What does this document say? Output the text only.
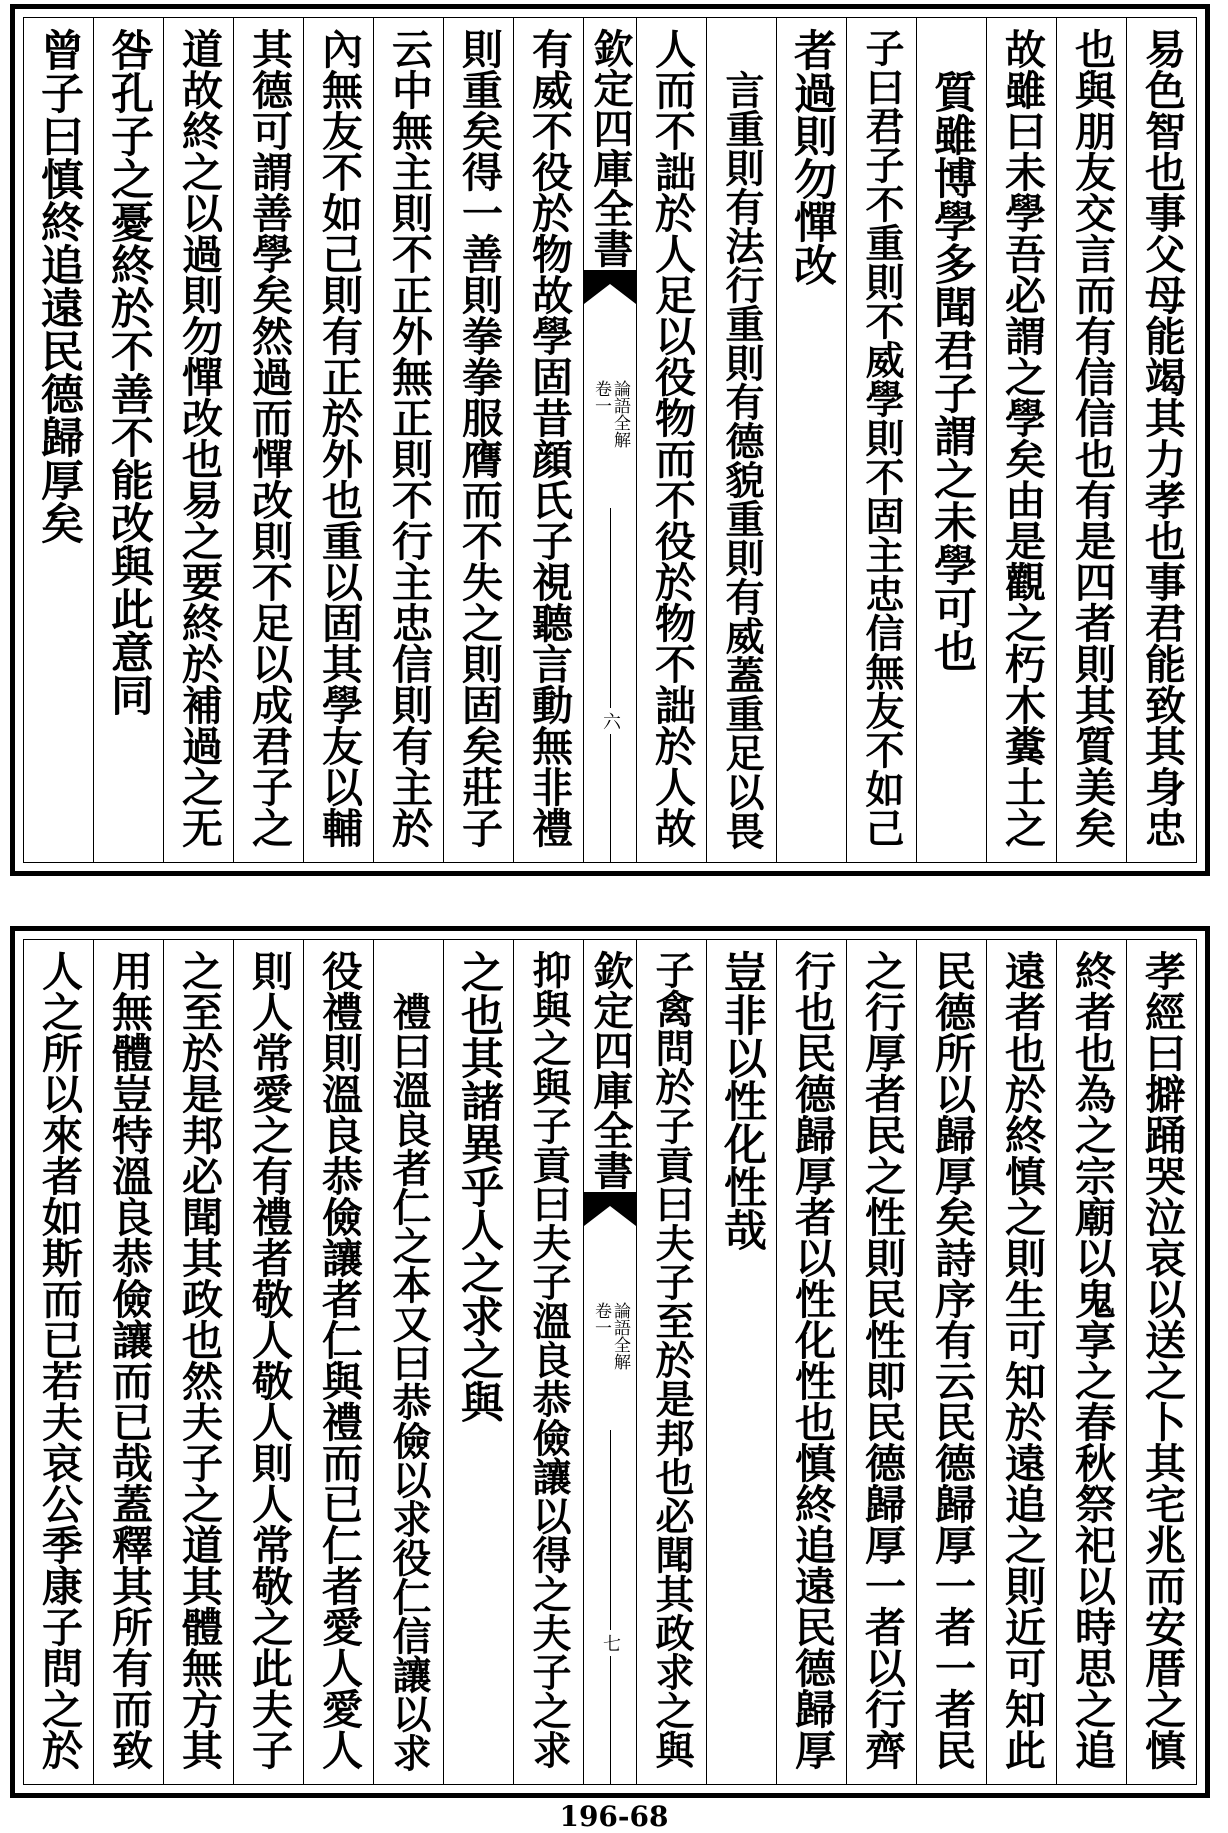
易色智也事父母能竭其力孝也事君能致其身忠
也與朋友交言而有信信也有是四者則其質美矣
故雖曰未學吾必謂之學矣由是觀之朽木糞土之
質雖博學多聞君子謂之未學可也
子曰君子不重則不威學則不固主忠信無友不如己
者過則勿憚改
言重則有法行重則有德貌重則有威蓋重足以畏
人而不詘於人足以役物而不役於物不詘於人故
欽定四庫全書
卷一 論語全解
六
有威不役於物故學固昔顔氏子視聽言動無非禮
則重矣得一善則拳拳服膺而不失之則固矣莊子
云中無主則不正外無正則不行主忠信則有主於
內無友不如己則有正於外也重以固其學友以輔
其德可謂善學矣然過而憚改則不足以成君子之
道故終之以過則勿憚改也易之要終於補過之无
咎孔子之憂終於不善不能改與此意同
曾子曰慎終追遠民德歸厚矣
孝經曰擗踊哭泣哀以送之卜其宅兆而安厝之慎
終者也為之宗廟以鬼享之春秋祭祀以時思之追
遠者也於終慎之則生可知於遠追之則近可知此
民德所以歸厚矣詩序有云民德歸厚一者一者民
之行厚者民之性則民性即民德歸厚一者以行齊
行也民德歸厚者以性化性也慎終追遠民德歸厚
豈非以性化性哉
子禽問於子貢曰夫子至於是邦也必聞其政求之與
欽定四庫全書
卷一 論語全解
七
抑與之與子貢曰夫子溫良恭儉讓以得之夫子之求
之也其諸異乎人之求之與
禮曰溫良者仁之本又曰恭儉以求役仁信讓以求
役禮則溫良恭儉讓者仁與禮而已仁者愛人愛人
則人常愛之有禮者敬人敬人則人常敬之此夫子
之至於是邦必聞其政也然夫子之道其體無方其
用無體豈特溫良恭儉讓而已哉蓋釋其所有而致
人之所以來者如斯而已若夫哀公季康子問之於
196-68
